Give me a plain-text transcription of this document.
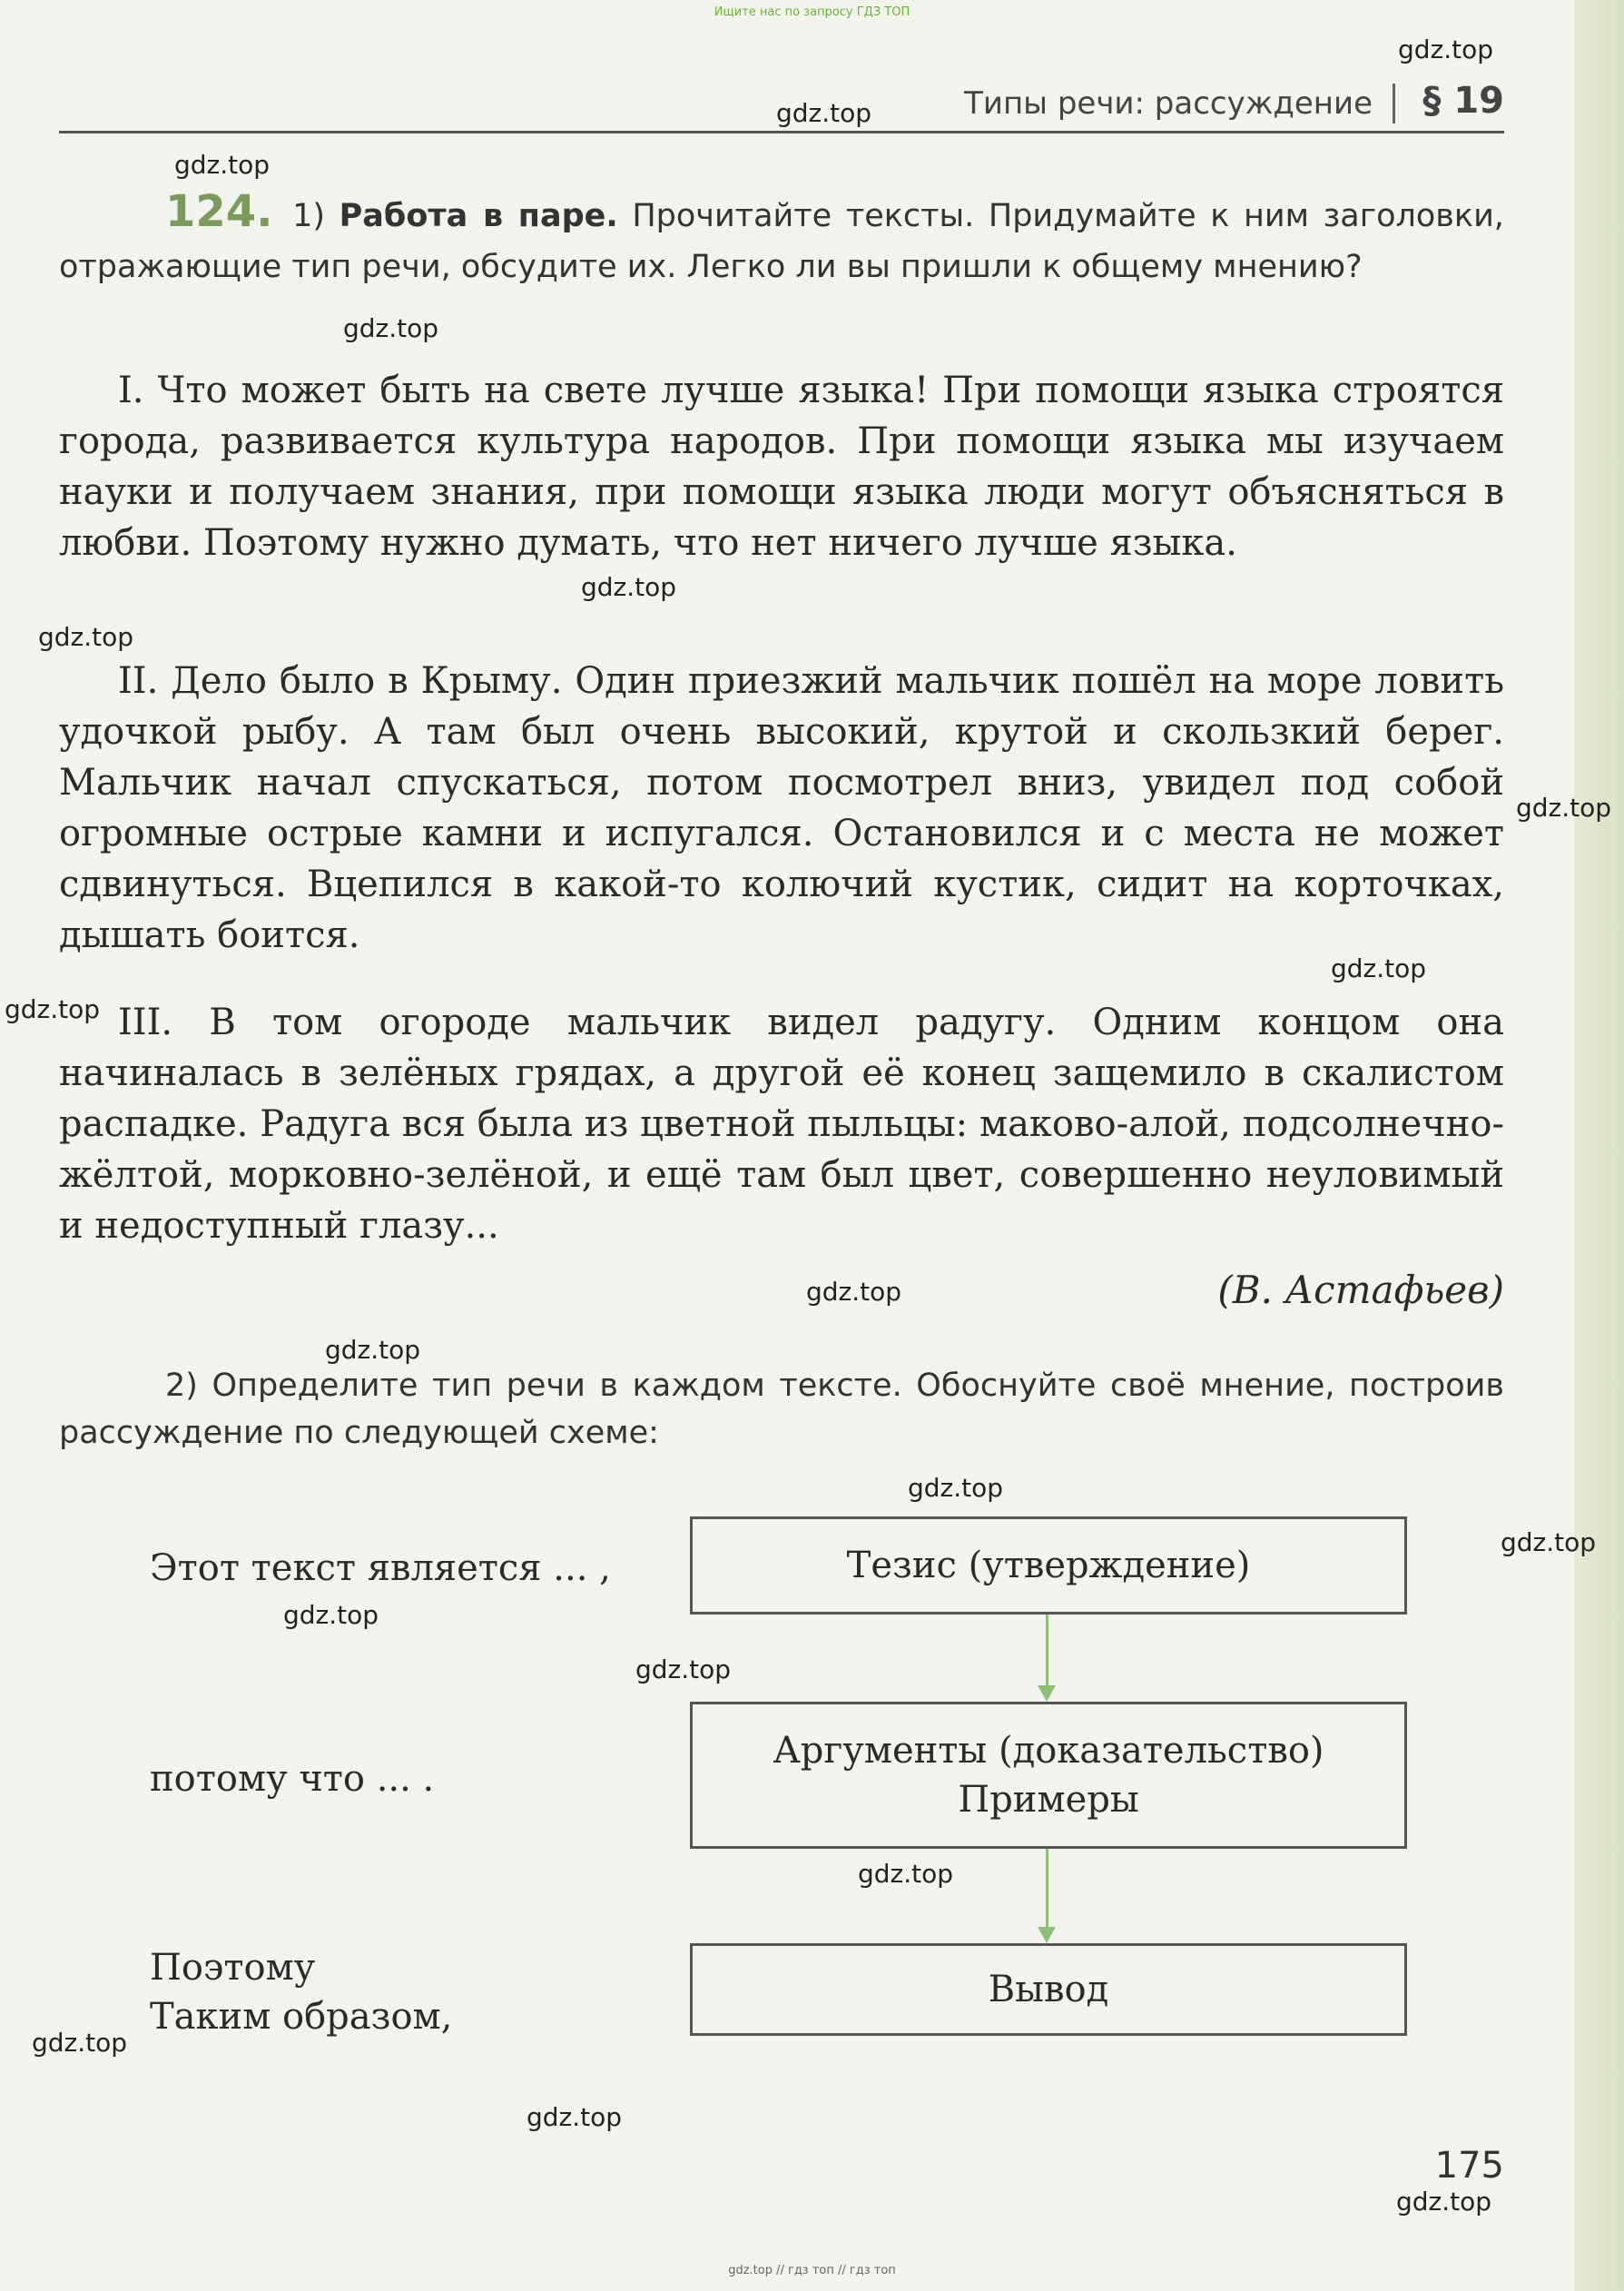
Ищите нас по запросу ГДЗ ТОП
gdz.top
gdz.top
gdz.top
gdz.top
gdz.top
gdz.top
gdz.top
gdz.top
gdz.top
gdz.top
gdz.top
gdz.top
gdz.top
gdz.top
gdz.top
gdz.top
gdz.top
gdz.top
gdz.top
Типы речи: рассуждение § 19
124. 1) Работа в паре. Прочитайте тексты. Придумайте к ним заголовки, отражающие тип речи, обсудите их. Легко ли вы пришли к общему мнению?

I. Что может быть на свете лучше языка! При помощи языка строятся города, развивается культура народов. При помощи языка мы изучаем науки и получаем знания, при помощи языка люди могут объясняться в любви. Поэтому нужно думать, что нет ничего лучше языка.

II. Дело было в Крыму. Один приезжий мальчик пошёл на море ловить удочкой рыбу. А там был очень высокий, крутой и скользкий берег. Мальчик начал спускаться, потом посмотрел вниз, увидел под собой огромные острые камни и испугался. Остановился и с места не может сдвинуться. Вцепился в какой-то колючий кустик, сидит на корточках, дышать боится.

III. В том огороде мальчик видел радугу. Одним концом она начиналась в зелёных грядах, а другой её конец защемило в скалистом распадке. Радуга вся была из цветной пыльцы: маково-алой, подсолнечно-жёлтой, морковно-зелёной, и ещё там был цвет, совершенно неуловимый и недоступный глазу...

(В. Астафьев)
2) Определите тип речи в каждом тексте. Обоснуйте своё мнение, построив рассуждение по следующей схеме:
Этот текст является ... ,
потому что ... .
Поэтому
Таким образом,
Тезис (утверждение)
Аргументы (доказательство)
Примеры
Вывод
175
gdz.top // гдз топ // гдз топ
